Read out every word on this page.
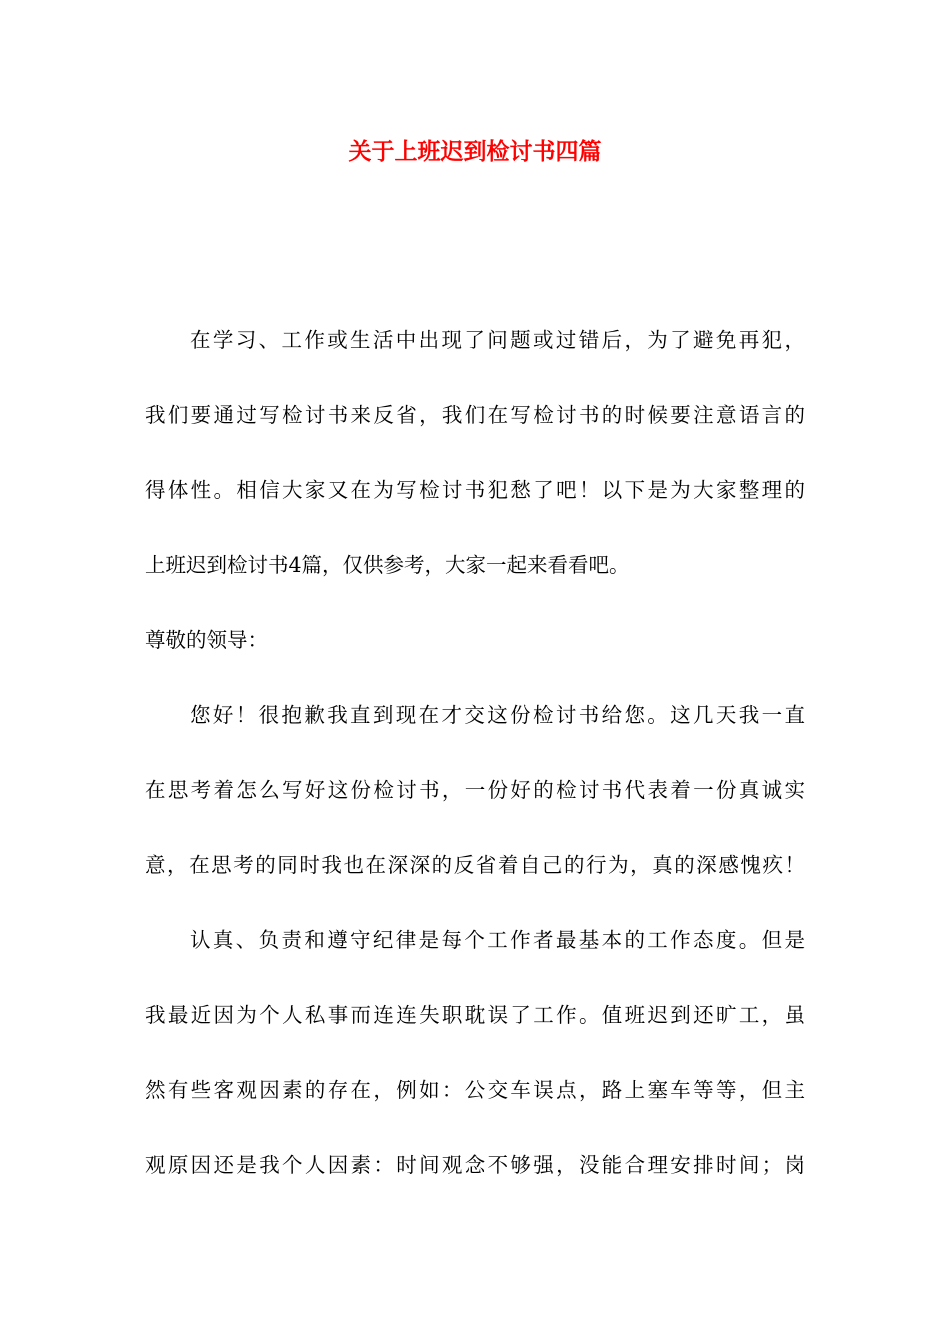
关于上班迟到检讨书四篇

在学习、工作或生活中出现了问题或过错后，为了避免再犯，

我们要通过写检讨书来反省，我们在写检讨书的时候要注意语言的

得体性。相信大家又在为写检讨书犯愁了吧！以下是为大家整理的

上班迟到检讨书4篇，仅供参考，大家一起来看看吧。

尊敬的领导：

您好！很抱歉我直到现在才交这份检讨书给您。这几天我一直

在思考着怎么写好这份检讨书，一份好的检讨书代表着一份真诚实

意，在思考的同时我也在深深的反省着自己的行为，真的深感愧疚！

认真、负责和遵守纪律是每个工作者最基本的工作态度。但是

我最近因为个人私事而连连失职耽误了工作。值班迟到还旷工，虽

然有些客观因素的存在，例如：公交车误点，路上塞车等等，但主

观原因还是我个人因素：时间观念不够强，没能合理安排时间；岗
